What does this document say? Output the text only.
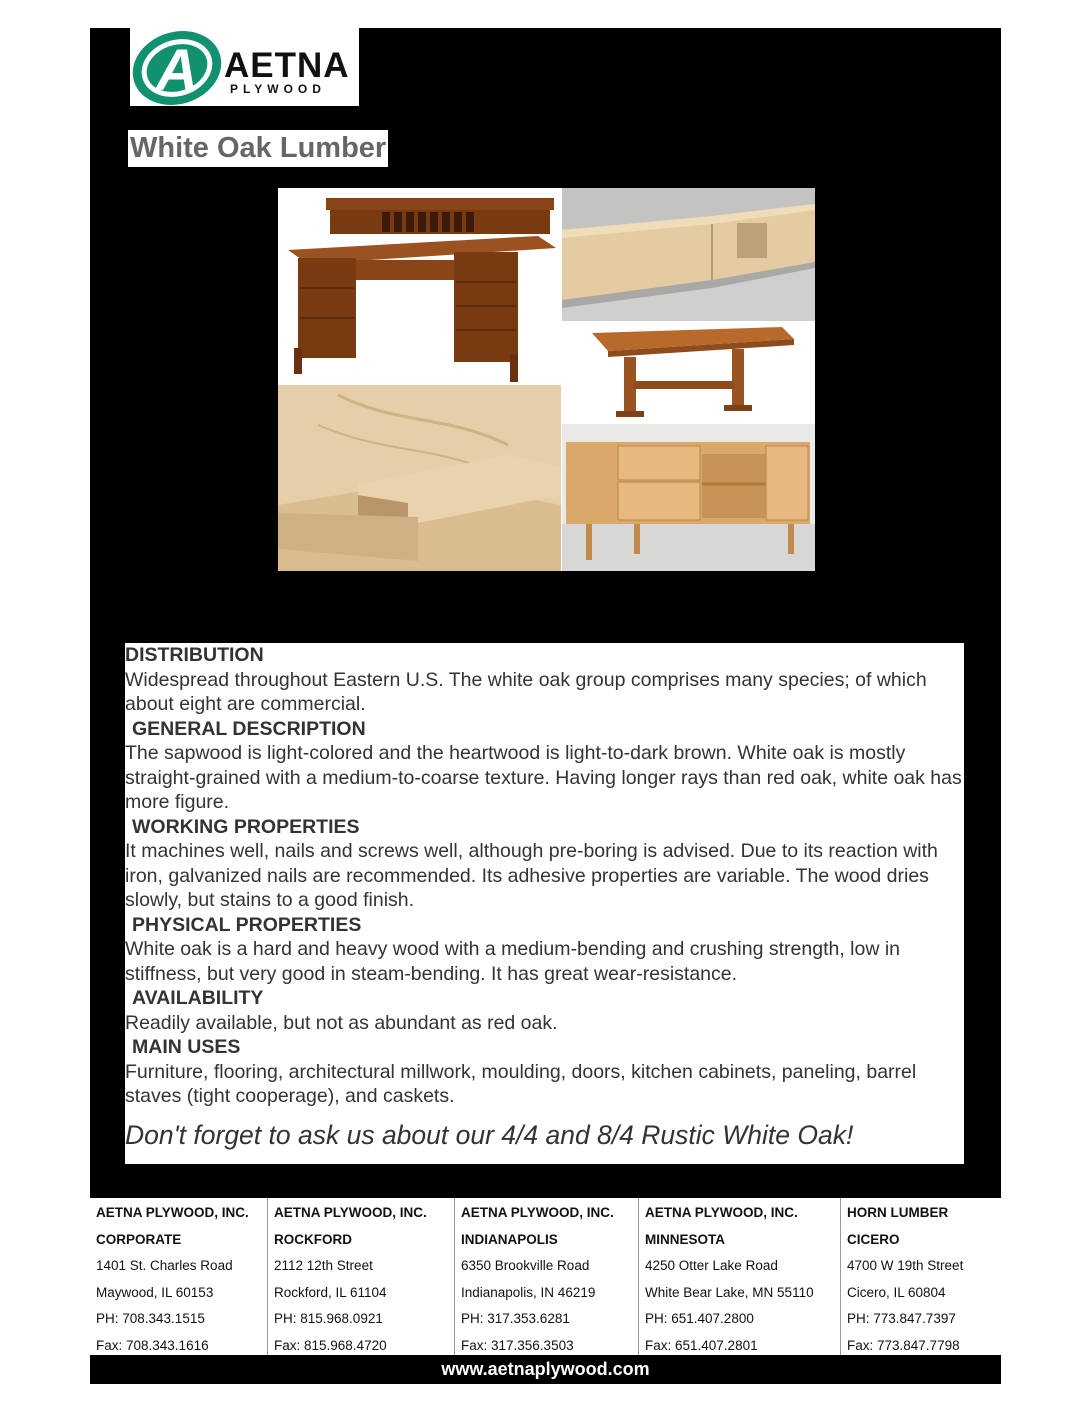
A AETNA
PLYWOOD
White Oak Lumber

DISTRIBUTION

Widespread throughout Eastern U.S. The white oak group comprises many species; of which about eight are commercial.

GENERAL DESCRIPTION

The sapwood is light-colored and the heartwood is light-to-dark brown. White oak is mostly straight-grained with a medium-to-coarse texture. Having longer rays than red oak, white oak has more figure.

WORKING PROPERTIES

It machines well, nails and screws well, although pre-boring is advised. Due to its reaction with iron, galvanized nails are recommended. Its adhesive properties are variable. The wood dries slowly, but stains to a good finish.

PHYSICAL PROPERTIES

White oak is a hard and heavy wood with a medium-bending and crushing strength, low in stiffness, but very good in steam-bending. It has great wear-resistance.

AVAILABILITY

Readily available, but not as abundant as red oak.

MAIN USES

Furniture, flooring, architectural millwork, moulding, doors, kitchen cabinets, paneling, barrel staves (tight cooperage), and caskets.

Don't forget to ask us about our 4/4 and 8/4 Rustic White Oak!

AETNA PLYWOOD, INC.
CORPORATE
1401 St. Charles Road
Maywood, IL 60153
PH: 708.343.1515
Fax: 708.343.1616
AETNA PLYWOOD, INC.
ROCKFORD
2112 12th Street
Rockford, IL 61104
PH: 815.968.0921
Fax: 815.968.4720
AETNA PLYWOOD, INC.
INDIANAPOLIS
6350 Brookville Road
Indianapolis, IN 46219
PH: 317.353.6281
Fax: 317.356.3503
AETNA PLYWOOD, INC.
MINNESOTA
4250 Otter Lake Road
White Bear Lake, MN 55110
PH: 651.407.2800
Fax: 651.407.2801
HORN LUMBER
CICERO
4700 W 19th Street
Cicero, IL 60804
PH: 773.847.7397
Fax: 773.847.7798
www.aetnaplywood.com
